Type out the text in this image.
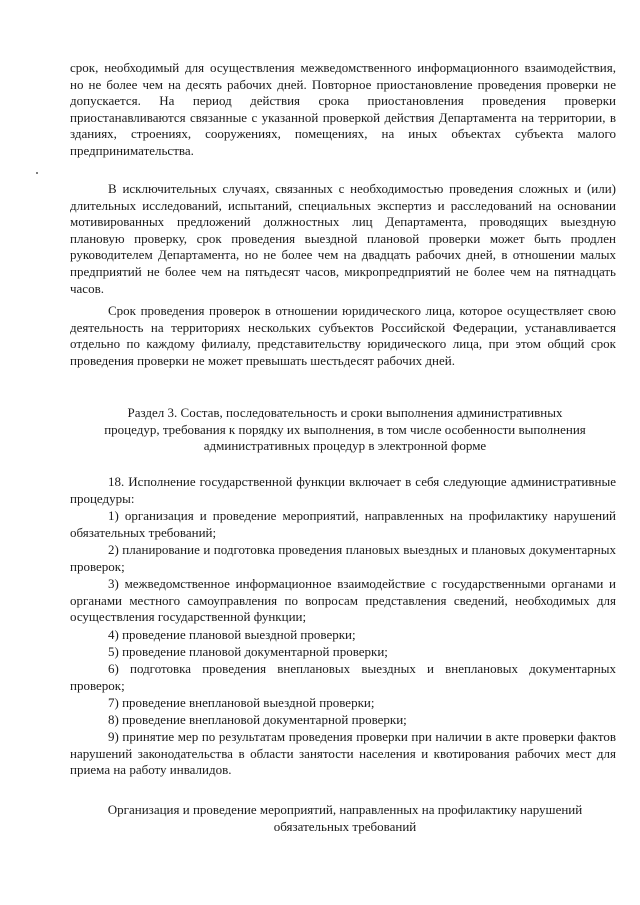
срок, необходимый для осуществления межведомственного информационного взаимодействия, но не более чем на десять рабочих дней. Повторное приостановление проведения проверки не допускается. На период действия срока приостановления проведения проверки приостанавливаются связанные с указанной проверкой действия Департамента на территории, в зданиях, строениях, сооружениях, помещениях, на иных объектах субъекта малого предпринимательства.

В исключительных случаях, связанных с необходимостью проведения сложных и (или) длительных исследований, испытаний, специальных экспертиз и расследований на основании мотивированных предложений должностных лиц Департамента, проводящих выездную плановую проверку, срок проведения выездной плановой проверки может быть продлен руководителем Департамента, но не более чем на двадцать рабочих дней, в отношении малых предприятий не более чем на пятьдесят часов, микропредприятий не более чем на пятнадцать часов.

Срок проведения проверок в отношении юридического лица, которое осуществляет свою деятельность на территориях нескольких субъектов Российской Федерации, устанавливается отдельно по каждому филиалу, представительству юридического лица, при этом общий срок проведения проверки не может превышать шестьдесят рабочих дней.

Раздел 3. Состав, последовательность и сроки выполнения административных процедур, требования к порядку их выполнения, в том числе особенности выполнения административных процедур в электронной форме

18. Исполнение государственной функции включает в себя следующие административные процедуры:

1) организация и проведение мероприятий, направленных на профилактику нарушений обязательных требований;

2) планирование и подготовка проведения плановых выездных и плановых документарных проверок;

3) межведомственное информационное взаимодействие с государственными органами и органами местного самоуправления по вопросам представления сведений, необходимых для осуществления государственной функции;

4) проведение плановой выездной проверки;

5) проведение плановой документарной проверки;

6) подготовка проведения внеплановых выездных и внеплановых документарных проверок;

7) проведение внеплановой выездной проверки;

8) проведение внеплановой документарной проверки;

9) принятие мер по результатам проведения проверки при наличии в акте проверки фактов нарушений законодательства в области занятости населения и квотирования рабочих мест для приема на работу инвалидов.

Организация и проведение мероприятий, направленных на профилактику нарушений обязательных требований
